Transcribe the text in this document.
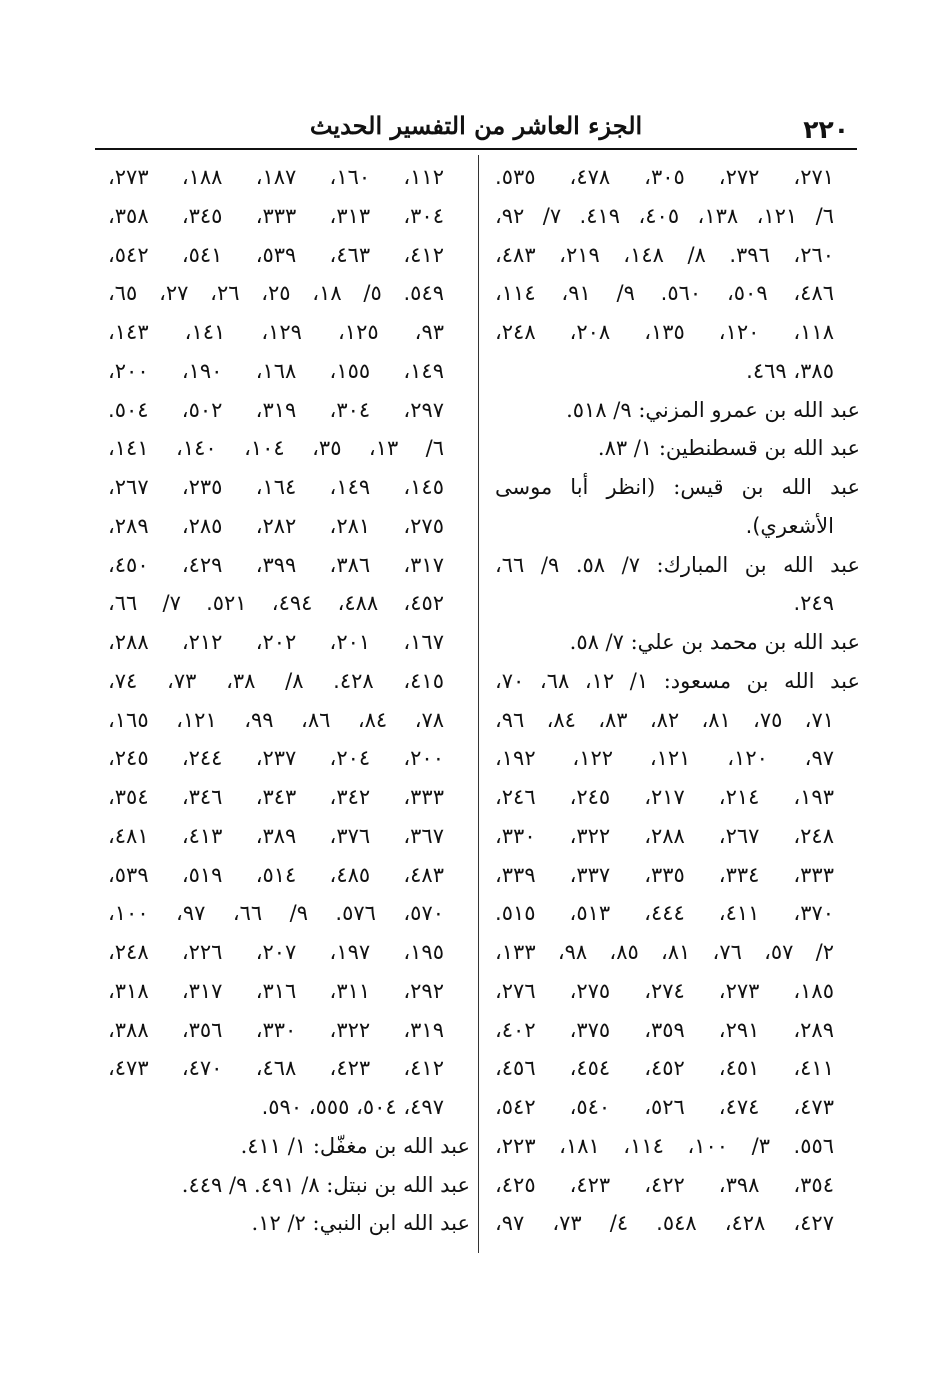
٢٢٠
الجزء العاشر من التفسير الحديث
٢٧١، ٢٧٢، ٣٠٥، ٤٧٨، ٥٣٥.
٦/ ١٢١، ١٣٨، ٤٠٥، ٤١٩. ٧/ ٩٢،
٢٦٠، ٣٩٦. ٨/ ١٤٨، ٢١٩، ٤٨٣،
٤٨٦، ٥٠٩، ٥٦٠. ٩/ ٩١، ١١٤،
١١٨، ١٢٠، ١٣٥، ٢٠٨، ٢٤٨،
٣٨٥، ٤٦٩.
عبد الله بن عمرو المزني: ٩/ ٥١٨.
عبد الله بن قسطنطين: ١/ ٨٣.
عبد الله بن قيس: (انظر أبا موسى
الأشعري).
عبد الله بن المبارك: ٧/ ٥٨. ٩/ ٦٦،
٢٤٩.
عبد الله بن محمد بن علي: ٧/ ٥٨.
عبد الله بن مسعود: ١/ ١٢، ٦٨، ٧٠،
٧١، ٧٥، ٨١، ٨٢، ٨٣، ٨٤، ٩٦،
٩٧، ١٢٠، ١٢١، ١٢٢، ١٩٢،
١٩٣، ٢١٤، ٢١٧، ٢٤٥، ٢٤٦،
٢٤٨، ٢٦٧، ٢٨٨، ٣٢٢، ٣٣٠،
٣٣٣، ٣٣٤، ٣٣٥، ٣٣٧، ٣٣٩،
٣٧٠، ٤١١، ٤٤٤، ٥١٣، ٥١٥.
٢/ ٥٧، ٧٦، ٨١، ٨٥، ٩٨، ١٣٣،
١٨٥، ٢٧٣، ٢٧٤، ٢٧٥، ٢٧٦،
٢٨٩، ٢٩١، ٣٥٩، ٣٧٥، ٤٠٢،
٤١١، ٤٥١، ٤٥٢، ٤٥٤، ٤٥٦،
٤٧٣، ٤٧٤، ٥٢٦، ٥٤٠، ٥٤٢،
٥٥٦. ٣/ ١٠٠، ١١٤، ١٨١، ٢٢٣،
٣٥٤، ٣٩٨، ٤٢٢، ٤٢٣، ٤٢٥،
٤٢٧، ٤٢٨، ٥٤٨. ٤/ ٧٣، ٩٧،
١١٢، ١٦٠، ١٨٧، ١٨٨، ٢٧٣،
٣٠٤، ٣١٣، ٣٣٣، ٣٤٥، ٣٥٨،
٤١٢، ٤٦٣، ٥٣٩، ٥٤١، ٥٤٢،
٥٤٩. ٥/ ١٨، ٢٥، ٢٦، ٢٧، ٦٥،
٩٣، ١٢٥، ١٢٩، ١٤١، ١٤٣،
١٤٩، ١٥٥، ١٦٨، ١٩٠، ٢٠٠،
٢٩٧، ٣٠٤، ٣١٩، ٥٠٢، ٥٠٤.
٦/ ١٣، ٣٥، ١٠٤، ١٤٠، ١٤١،
١٤٥، ١٤٩، ١٦٤، ٢٣٥، ٢٦٧،
٢٧٥، ٢٨١، ٢٨٢، ٢٨٥، ٢٨٩،
٣١٧، ٣٨٦، ٣٩٩، ٤٢٩، ٤٥٠،
٤٥٢، ٤٨٨، ٤٩٤، ٥٢١. ٧/ ٦٦،
١٦٧، ٢٠١، ٢٠٢، ٢١٢، ٢٨٨،
٤١٥، ٤٢٨. ٨/ ٣٨، ٧٣، ٧٤،
٧٨، ٨٤، ٨٦، ٩٩، ١٢١، ١٦٥،
٢٠٠، ٢٠٤، ٢٣٧، ٢٤٤، ٢٤٥،
٣٣٣، ٣٤٢، ٣٤٣، ٣٤٦، ٣٥٤،
٣٦٧، ٣٧٦، ٣٨٩، ٤١٣، ٤٨١،
٤٨٣، ٤٨٥، ٥١٤، ٥١٩، ٥٣٩،
٥٧٠، ٥٧٦. ٩/ ٦٦، ٩٧، ١٠٠،
١٩٥، ١٩٧، ٢٠٧، ٢٢٦، ٢٤٨،
٢٩٢، ٣١١، ٣١٦، ٣١٧، ٣١٨،
٣١٩، ٣٢٢، ٣٣٠، ٣٥٦، ٣٨٨،
٤١٢، ٤٢٣، ٤٦٨، ٤٧٠، ٤٧٣،
٤٩٧، ٥٠٤، ٥٥٥، ٥٩٠.
عبد الله بن مغفّل: ١/ ٤١١.
عبد الله بن نبتل: ٨/ ٤٩١. ٩/ ٤٤٩.
عبد الله ابن النبي: ٢/ ١٢.
